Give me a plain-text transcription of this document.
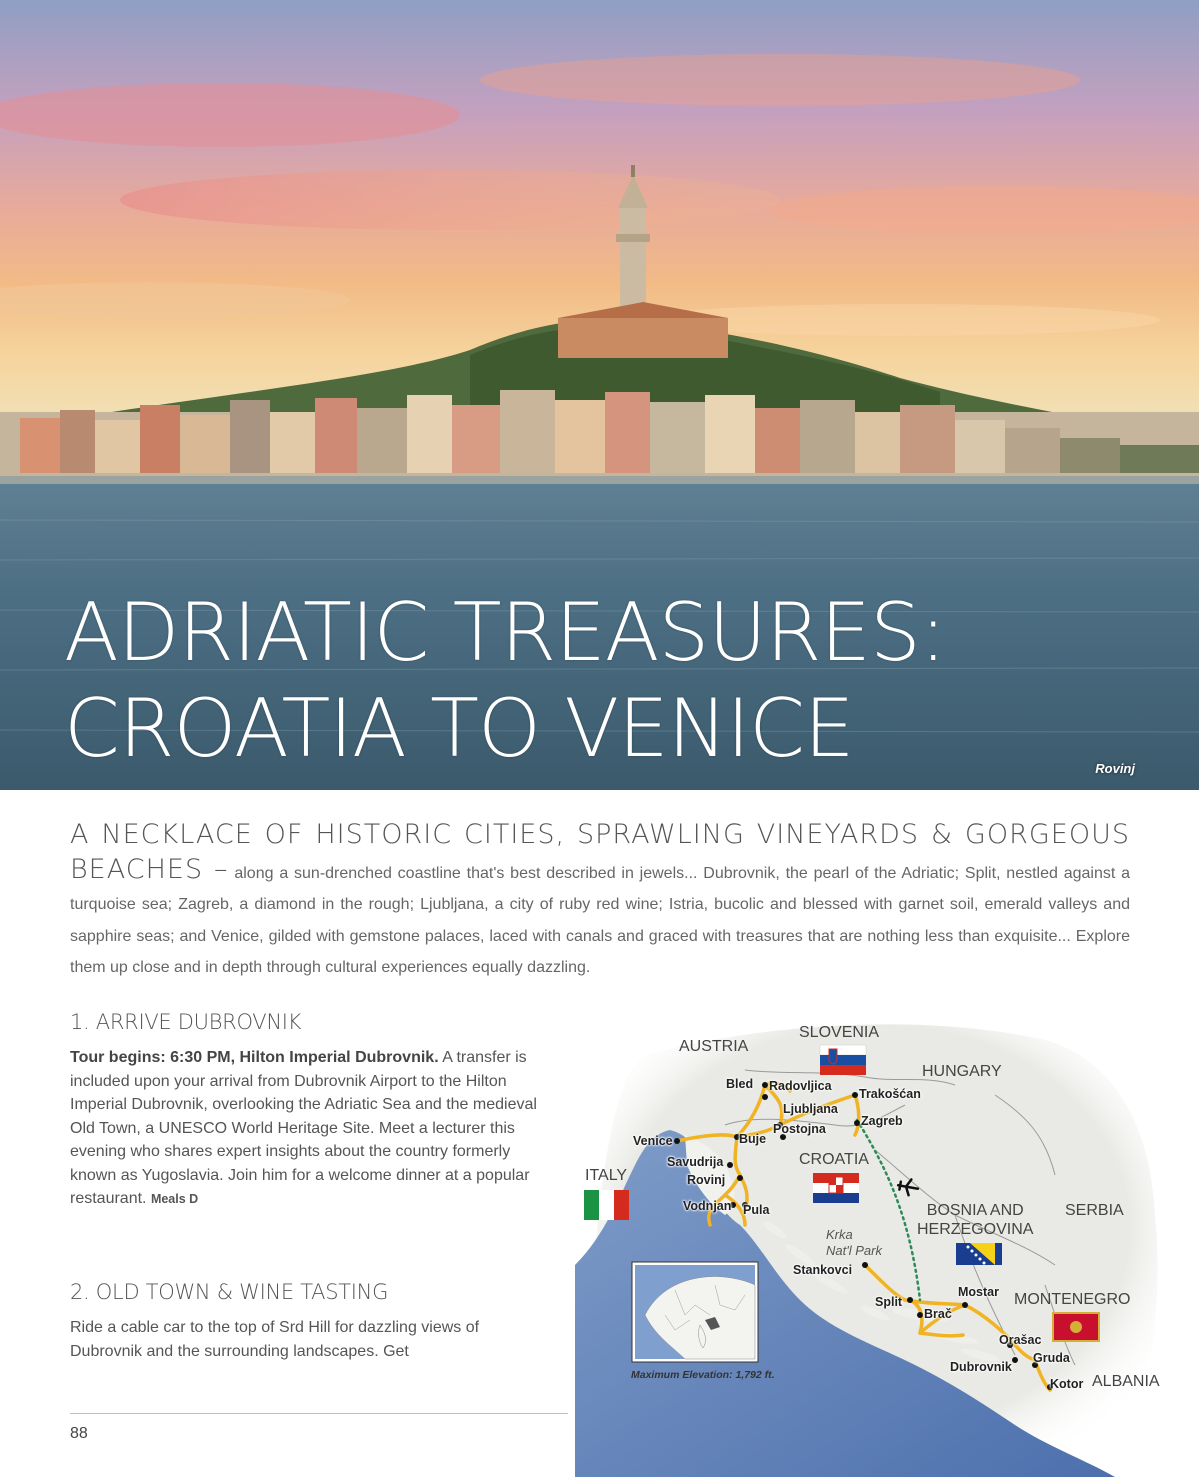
ADRIATIC TREASURES:
CROATIA TO VENICE	Rovinj

A NECKLACE OF HISTORIC CITIES, SPRAWLING VINEYARDS & GORGEOUS BEACHES – along a sun-drenched coastline that's best described in jewels... Dubrovnik, the pearl of the Adriatic; Split, nestled against a turquoise sea; Zagreb, a diamond in the rough; Ljubljana, a city of ruby red wine; Istria, bucolic and blessed with garnet soil, emerald valleys and sapphire seas; and Venice, gilded with gemstone palaces, laced with canals and graced with treasures that are nothing less than exquisite... Explore them up close and in depth through cultural experiences equally dazzling.

1. ARRIVE DUBROVNIK

Tour begins: 6:30 PM, Hilton Imperial Dubrovnik. A transfer is included upon your arrival from Dubrovnik Airport to the Hilton Imperial Dubrovnik, overlooking the Adriatic Sea and the medieval Old Town, a UNESCO World Heritage Site. Meet a lecturer this evening who shares expert insights about the country formerly known as Yugoslavia. Join him for a welcome dinner at a popular restaurant. Meals D

2. OLD TOWN & WINE TASTING

Ride a cable car to the top of Srd Hill for dazzling views of Dubrovnik and the surrounding landscapes. Get

88
AUSTRIA
SLOVENIA
HUNGARY
ITALY
CROATIA
BOSNIA AND
HERZEGOVINA
SERBIA
MONTENEGRO
ALBANIA
Bled Radovljica
Ljubljana
Postojna
Trakošćan
Zagreb
Venice	Buje
Savudrija
Rovinj
Vodnjan Pula
Stankovci
Split
Brač
Mostar
Orašac
Gruda
Dubrovnik
Kotor
Krka
Nat'l Park
Maximum Elevation: 1,792 ft.
